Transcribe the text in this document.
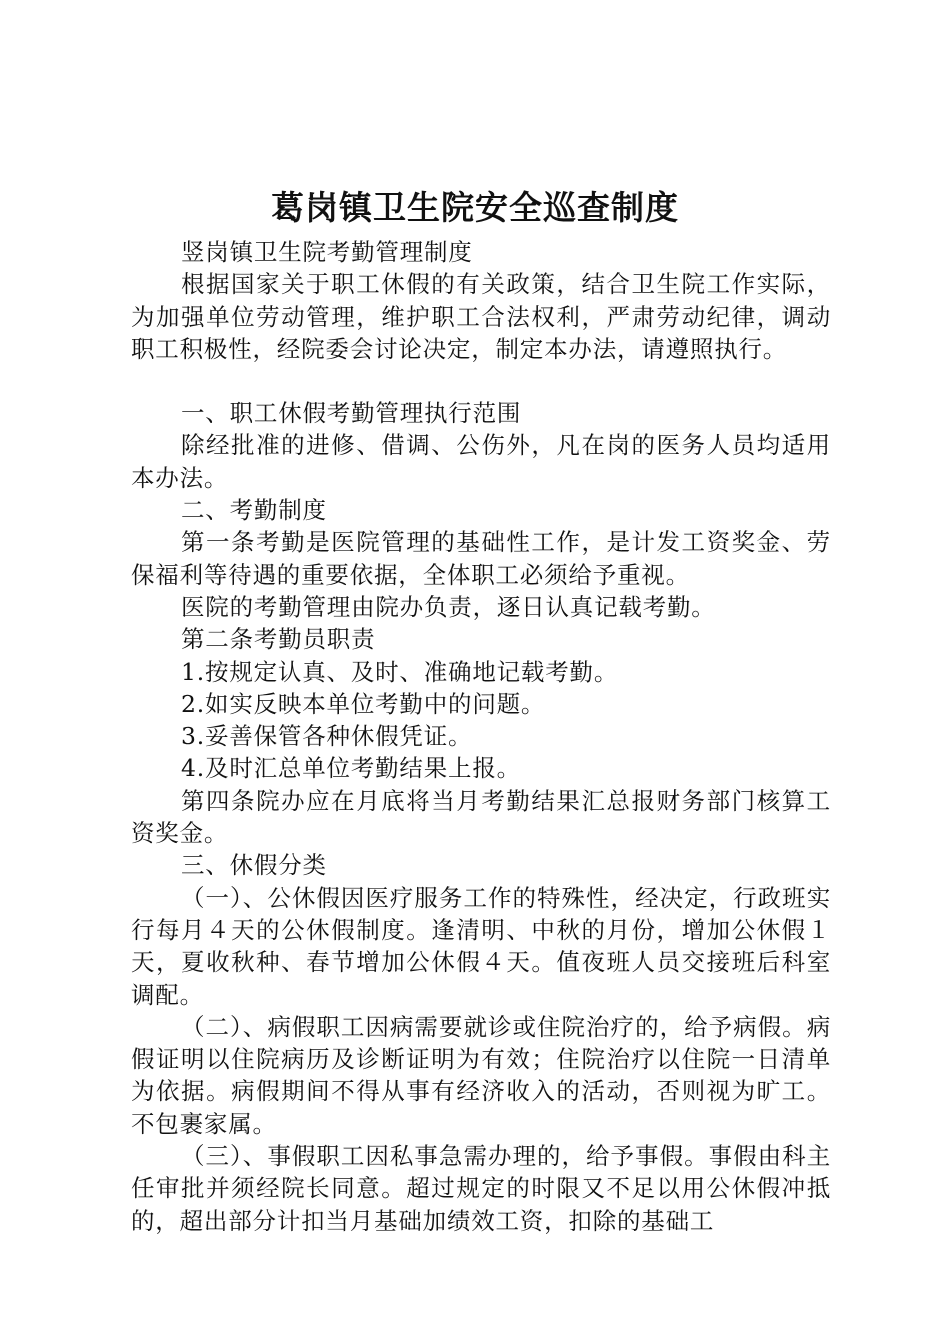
葛岗镇卫生院安全巡查制度

竖岗镇卫生院考勤管理制度

根据国家关于职工休假的有关政策，结合卫生院工作实际，为加强单位劳动管理，维护职工合法权利，严肃劳动纪律，调动职工积极性，经院委会讨论决定，制定本办法，请遵照执行。

一、职工休假考勤管理执行范围

除经批准的进修、借调、公伤外，凡在岗的医务人员均适用本办法。

二、考勤制度

第一条考勤是医院管理的基础性工作，是计发工资奖金、劳保福利等待遇的重要依据，全体职工必须给予重视。

医院的考勤管理由院办负责，逐日认真记载考勤。

第二条考勤员职责

1.按规定认真、及时、准确地记载考勤。

2.如实反映本单位考勤中的问题。

3.妥善保管各种休假凭证。

4.及时汇总单位考勤结果上报。

第四条院办应在月底将当月考勤结果汇总报财务部门核算工资奖金。

三、休假分类

（一）、公休假因医疗服务工作的特殊性，经决定，行政班实行每月４天的公休假制度。逢清明、中秋的月份，增加公休假１天，夏收秋种、春节增加公休假４天。值夜班人员交接班后科室调配。

（二）、病假职工因病需要就诊或住院治疗的，给予病假。病假证明以住院病历及诊断证明为有效；住院治疗以住院一日清单为依据。病假期间不得从事有经济收入的活动，否则视为旷工。不包裹家属。

（三）、事假职工因私事急需办理的，给予事假。事假由科主任审批并须经院长同意。超过规定的时限又不足以用公休假冲抵的，超出部分计扣当月基础加绩效工资，扣除的基础工
